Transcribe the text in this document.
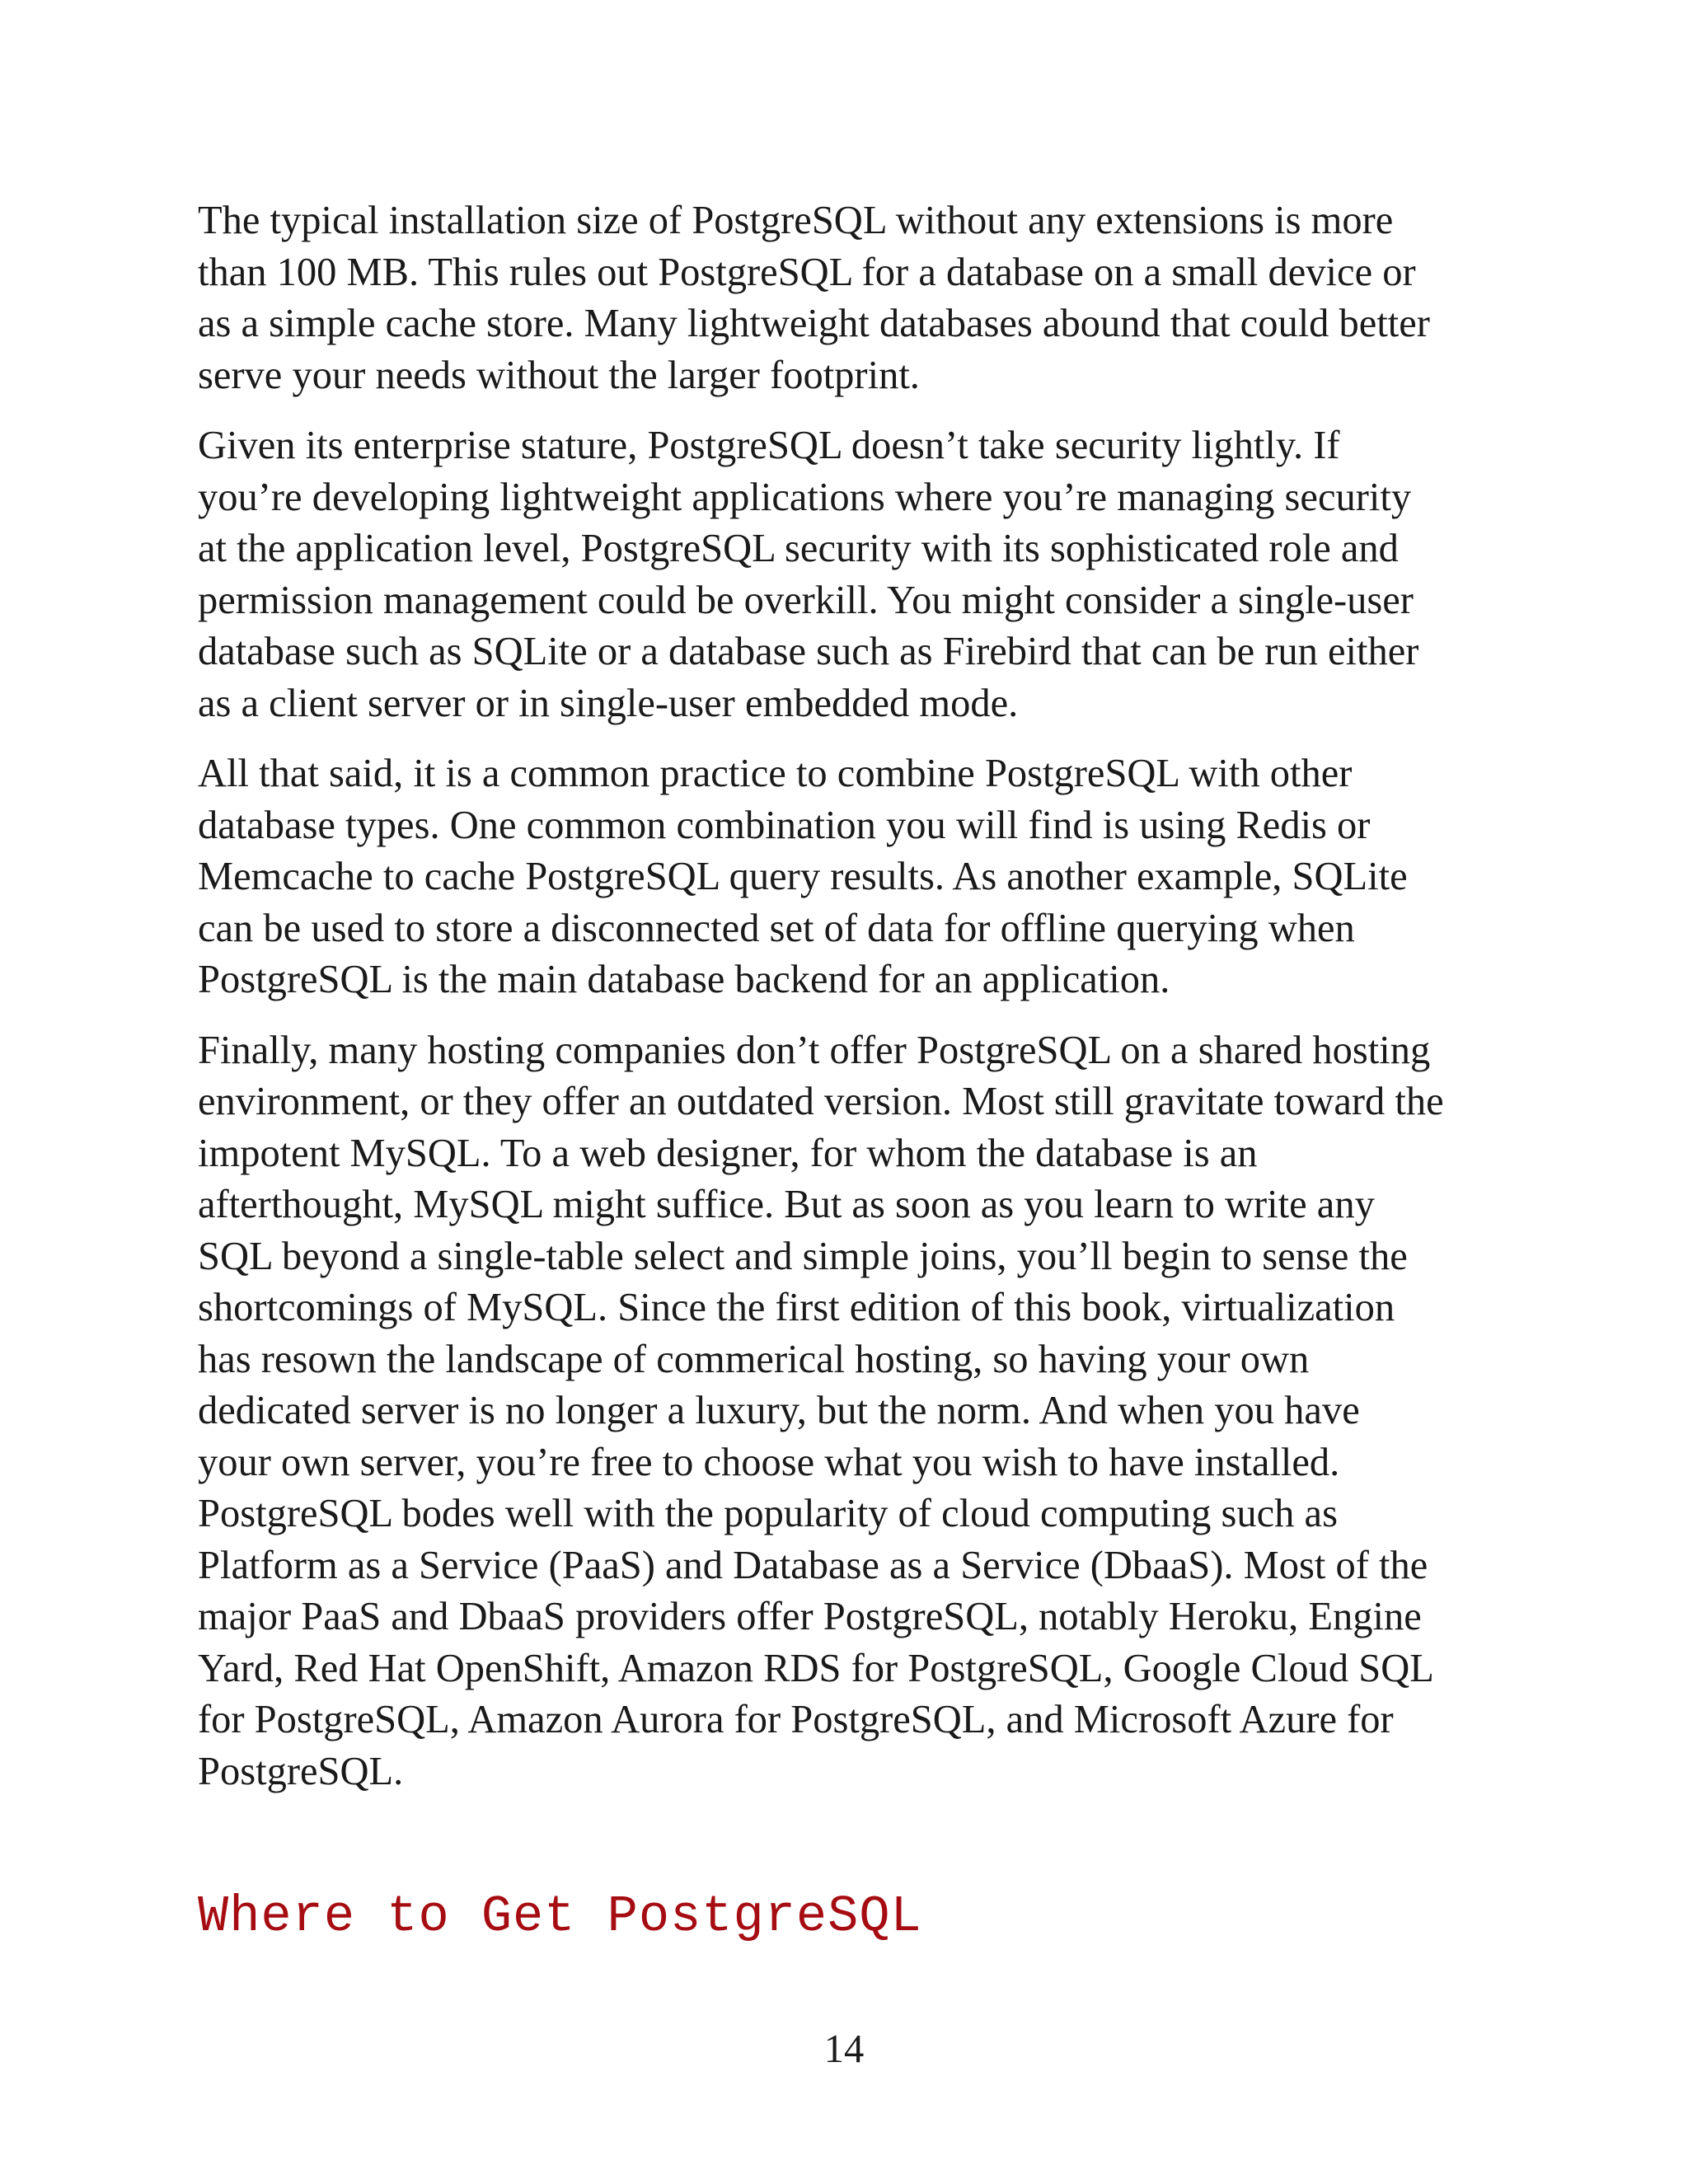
The typical installation size of PostgreSQL without any extensions is more
than 100 MB. This rules out PostgreSQL for a database on a small device or
as a simple cache store. Many lightweight databases abound that could better
serve your needs without the larger footprint.

Given its enterprise stature, PostgreSQL doesn’t take security lightly. If
you’re developing lightweight applications where you’re managing security
at the application level, PostgreSQL security with its sophisticated role and
permission management could be overkill. You might consider a single-user
database such as SQLite or a database such as Firebird that can be run either
as a client server or in single-user embedded mode.

All that said, it is a common practice to combine PostgreSQL with other
database types. One common combination you will find is using Redis or
Memcache to cache PostgreSQL query results. As another example, SQLite
can be used to store a disconnected set of data for offline querying when
PostgreSQL is the main database backend for an application.

Finally, many hosting companies don’t offer PostgreSQL on a shared hosting
environment, or they offer an outdated version. Most still gravitate toward the
impotent MySQL. To a web designer, for whom the database is an
afterthought, MySQL might suffice. But as soon as you learn to write any
SQL beyond a single-table select and simple joins, you’ll begin to sense the
shortcomings of MySQL. Since the first edition of this book, virtualization
has resown the landscape of commerical hosting, so having your own
dedicated server is no longer a luxury, but the norm. And when you have
your own server, you’re free to choose what you wish to have installed.
PostgreSQL bodes well with the popularity of cloud computing such as
Platform as a Service (PaaS) and Database as a Service (DbaaS). Most of the
major PaaS and DbaaS providers offer PostgreSQL, notably Heroku, Engine
Yard, Red Hat OpenShift, Amazon RDS for PostgreSQL, Google Cloud SQL
for PostgreSQL, Amazon Aurora for PostgreSQL, and Microsoft Azure for
PostgreSQL.

Where to Get PostgreSQL
14
